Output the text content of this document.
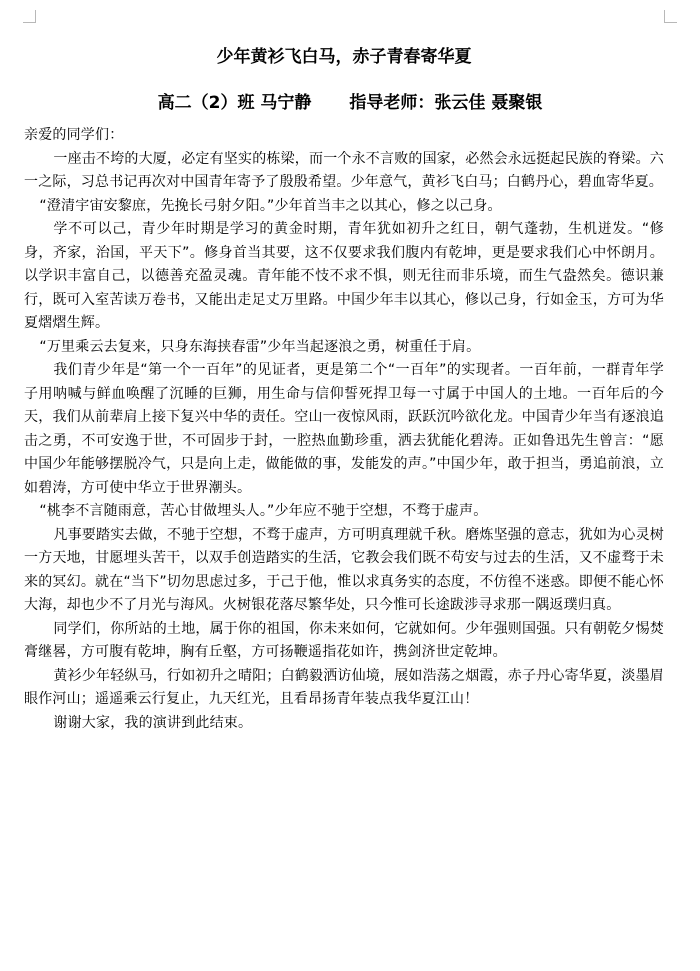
少年黄衫飞白马，赤子青春寄华夏
高二（2）班 马宁静 指导老师：张云佳 聂聚银

亲爱的同学们：

一座击不垮的大厦，必定有坚实的栋梁，而一个永不言败的国家，必然会永远挺起民族的脊梁。六一之际，习总书记再次对中国青年寄予了殷殷希望。少年意气，黄衫飞白马；白鹤丹心，碧血寄华夏。

“澄清宇宙安黎庶，先挽长弓射夕阳。”少年首当丰之以其心，修之以己身。

学不可以己，青少年时期是学习的黄金时期，青年犹如初升之红日，朝气蓬勃，生机迸发。“修身，齐家，治国，平天下”。修身首当其要，这不仅要求我们腹内有乾坤，更是要求我们心中怀朗月。以学识丰富自己，以德善充盈灵魂。青年能不忮不求不惧，则无往而非乐境，而生气盎然矣。德识兼行，既可入室苦读万卷书，又能出走足丈万里路。中国少年丰以其心，修以己身，行如金玉，方可为华夏熠熠生辉。

“万里乘云去复来，只身东海挟春雷”少年当起逐浪之勇，树重任于肩。

我们青少年是“第一个一百年”的见证者，更是第二个“一百年”的实现者。一百年前，一群青年学子用呐喊与鲜血唤醒了沉睡的巨狮，用生命与信仰誓死捍卫每一寸属于中国人的土地。一百年后的今天，我们从前辈肩上接下复兴中华的责任。空山一夜惊风雨，跃跃沉吟欲化龙。中国青少年当有逐浪追击之勇，不可安逸于世，不可固步于封，一腔热血勤珍重，洒去犹能化碧涛。正如鲁迅先生曾言：“愿中国少年能够摆脱冷气，只是向上走，做能做的事，发能发的声。”中国少年，敢于担当，勇追前浪，立如碧涛，方可使中华立于世界潮头。

“桃李不言随雨意，苦心甘做埋头人。”少年应不驰于空想，不骛于虚声。

凡事要踏实去做，不驰于空想，不骛于虚声，方可明真理就千秋。磨炼坚强的意志，犹如为心灵树一方天地，甘愿埋头苦干，以双手创造踏实的生活，它教会我们既不苟安与过去的生活，又不虚骛于未来的冥幻。就在“当下”切勿思虑过多，于己于他，惟以求真务实的态度，不仿徨不迷惑。即便不能心怀大海，却也少不了月光与海风。火树银花落尽繁华处，只今惟可长途跋涉寻求那一隅返璞归真。

同学们，你所站的土地，属于你的祖国，你未来如何，它就如何。少年强则国强。只有朝乾夕惕焚膏继晷，方可腹有乾坤，胸有丘壑，方可扬鞭遥指花如许，携剑济世定乾坤。

黄衫少年轻纵马，行如初升之晴阳；白鹤毅洒访仙境，展如浩荡之烟霞，赤子丹心寄华夏，淡墨眉眼作河山；遥遥乘云行复止，九天红光，且看昂扬青年装点我华夏江山！

谢谢大家，我的演讲到此结束。
